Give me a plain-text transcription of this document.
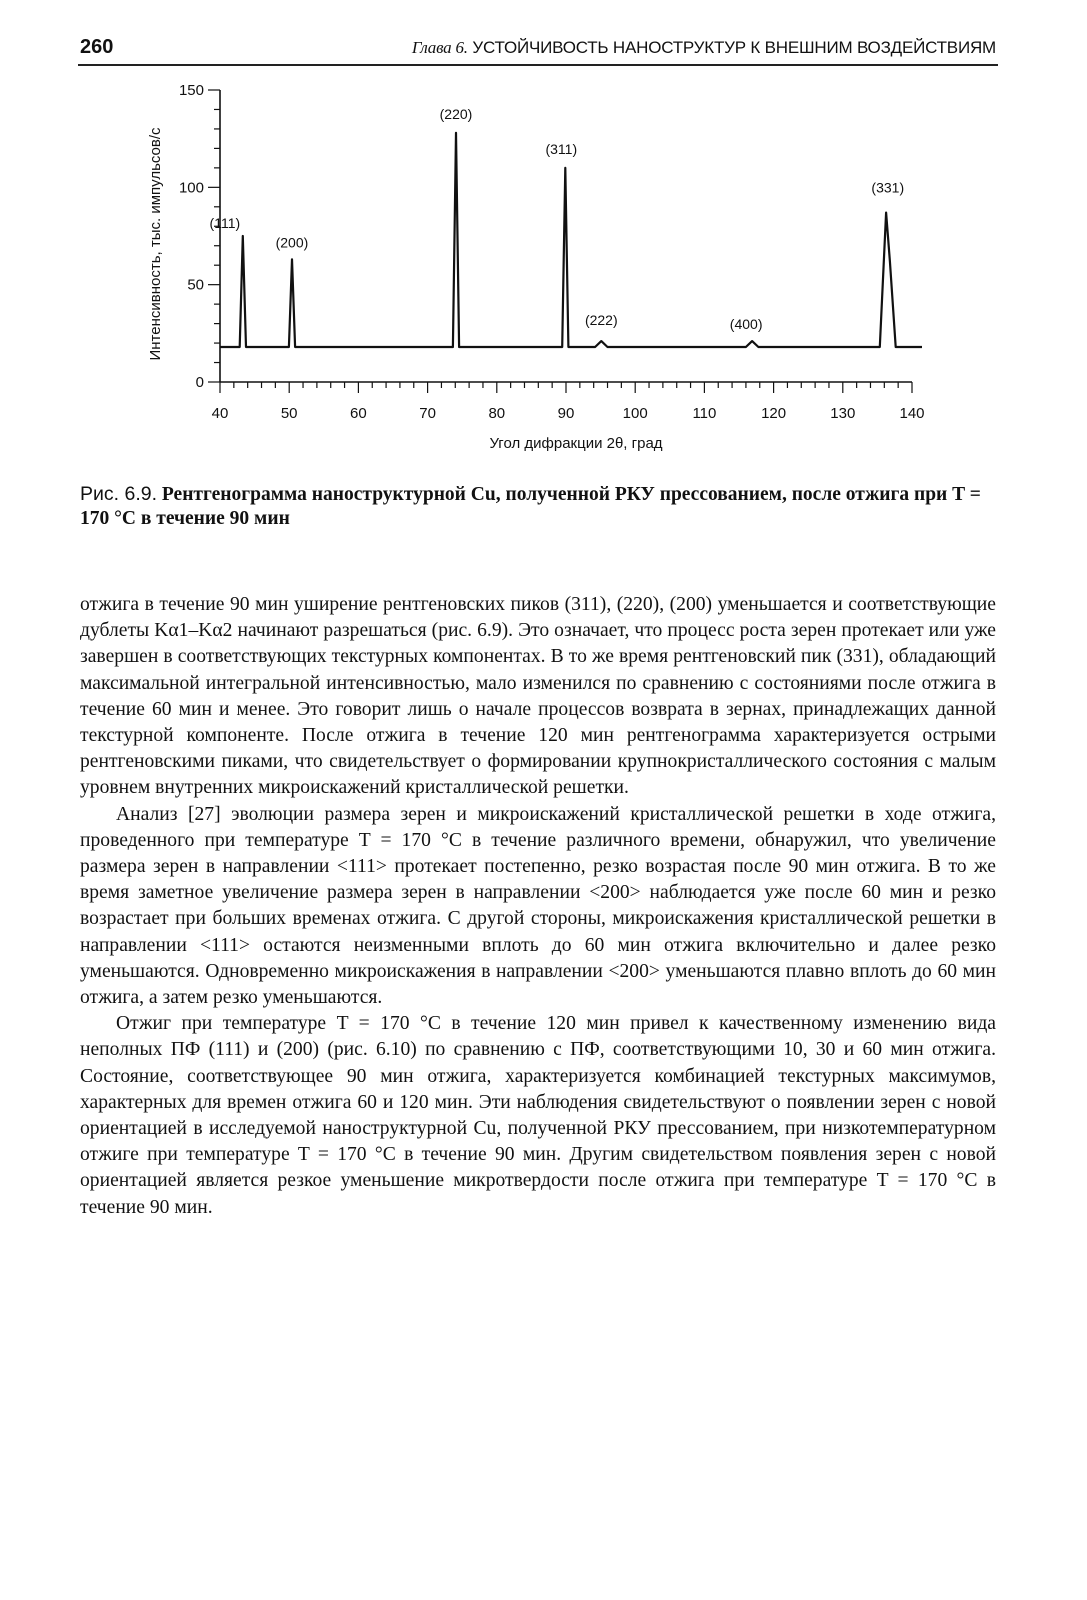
260	Глава 6. УСТОЙЧИВОСТЬ НАНОСТРУКТУР К ВНЕШНИМ ВОЗДЕЙСТВИЯМ
0
50
100
150
40	50	60	70	80	90	100	110	120	130	140
(111)
(200)
(220)
(311)
(222)	(400)
(331)
Угол дифракции 2θ, град
Интенсивность, тыс. импульсов/с
Рис. 6.9. Рентгенограмма наноструктурной Cu, полученной РКУ прессованием, после отжига при T = 170 °С в течение 90 мин

отжига в течение 90 мин уширение рентгеновских пиков (311), (220), (200) уменьшается и соответствующие дублеты Kα1–Kα2 начинают разрешаться (рис. 6.9). Это означает, что процесс роста зерен протекает или уже завершен в соответствующих текстурных компонентах. В то же время рентгеновский пик (331), обладающий максимальной интегральной интенсивностью, мало изменился по сравнению с состояниями после отжига в течение 60 мин и менее. Это говорит лишь о начале процессов возврата в зернах, принадлежащих данной текстурной компоненте. После отжига в течение 120 мин рентгенограмма характеризуется острыми рентгеновскими пиками, что свидетельствует о формировании крупнокристаллического состояния с малым уровнем внутренних микроискажений кристаллической решетки.

Анализ [27] эволюции размера зерен и микроискажений кристаллической решетки в ходе отжига, проведенного при температуре T = 170 °С в течение различного времени, обнаружил, что увеличение размера зерен в направлении <111> протекает постепенно, резко возрастая после 90 мин отжига. В то же время заметное увеличение размера зерен в направлении <200> наблюдается уже после 60 мин и резко возрастает при больших временах отжига. С другой стороны, микроискажения кристаллической решетки в направлении <111> остаются неизменными вплоть до 60 мин отжига включительно и далее резко уменьшаются. Одновременно микроискажения в направлении <200> уменьшаются плавно вплоть до 60 мин отжига, а затем резко уменьшаются.

Отжиг при температуре T = 170 °С в течение 120 мин привел к качественному изменению вида неполных ПФ (111) и (200) (рис. 6.10) по сравнению с ПФ, соответствующими 10, 30 и 60 мин отжига. Состояние, соответствующее 90 мин отжига, характеризуется комбинацией текстурных максимумов, характерных для времен отжига 60 и 120 мин. Эти наблюдения свидетельствуют о появлении зерен с новой ориентацией в исследуемой наноструктурной Cu, полученной РКУ прессованием, при низкотемпературном отжиге при температуре T = 170 °С в течение 90 мин. Другим свидетельством появления зерен с новой ориентацией является резкое уменьшение микротвердости после отжига при температуре T = 170 °С в течение 90 мин.
